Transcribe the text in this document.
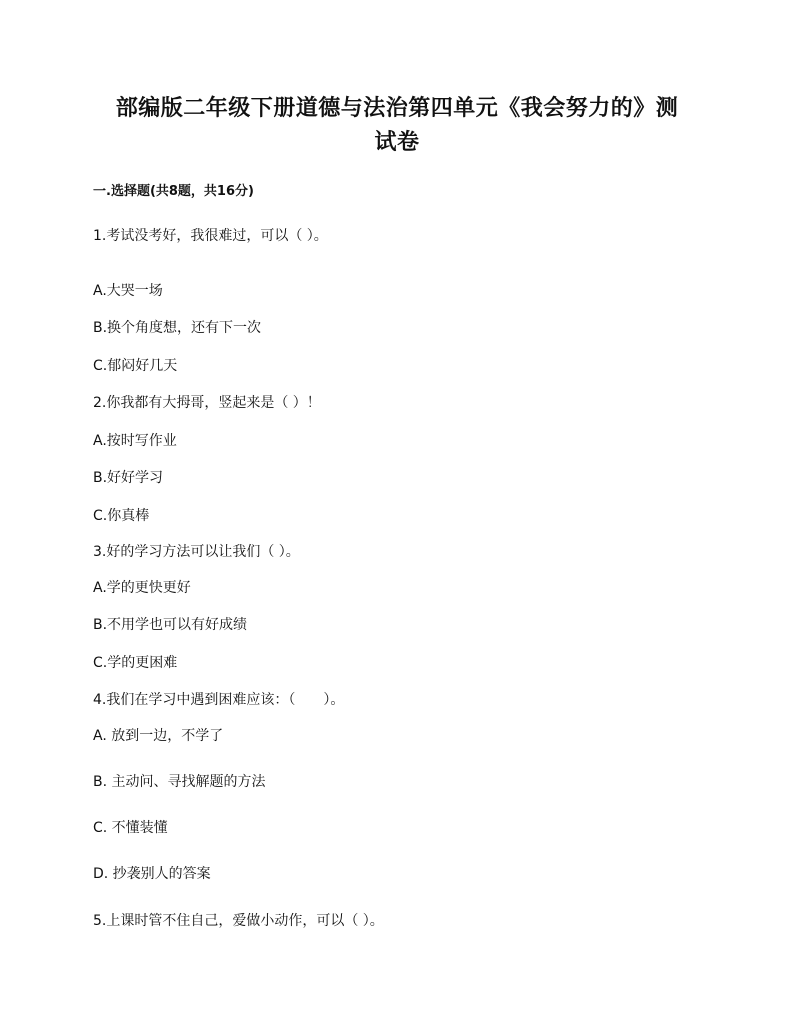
部编版二年级下册道德与法治第四单元《我会努力的》测
试卷
一.选择题(共8题，共16分)
1.考试没考好，我很难过，可以（ ）。
A.大哭一场
B.换个角度想，还有下一次
C.郁闷好几天
2.你我都有大拇哥，竖起来是（ ）！
A.按时写作业
B.好好学习
C.你真棒
3.好的学习方法可以让我们（ ）。
A.学的更快更好
B.不用学也可以有好成绩
C.学的更困难
4.我们在学习中遇到困难应该：（　　）。
A. 放到一边，不学了
B. 主动问、寻找解题的方法
C. 不懂装懂
D. 抄袭别人的答案
5.上课时管不住自己，爱做小动作，可以（ ）。
